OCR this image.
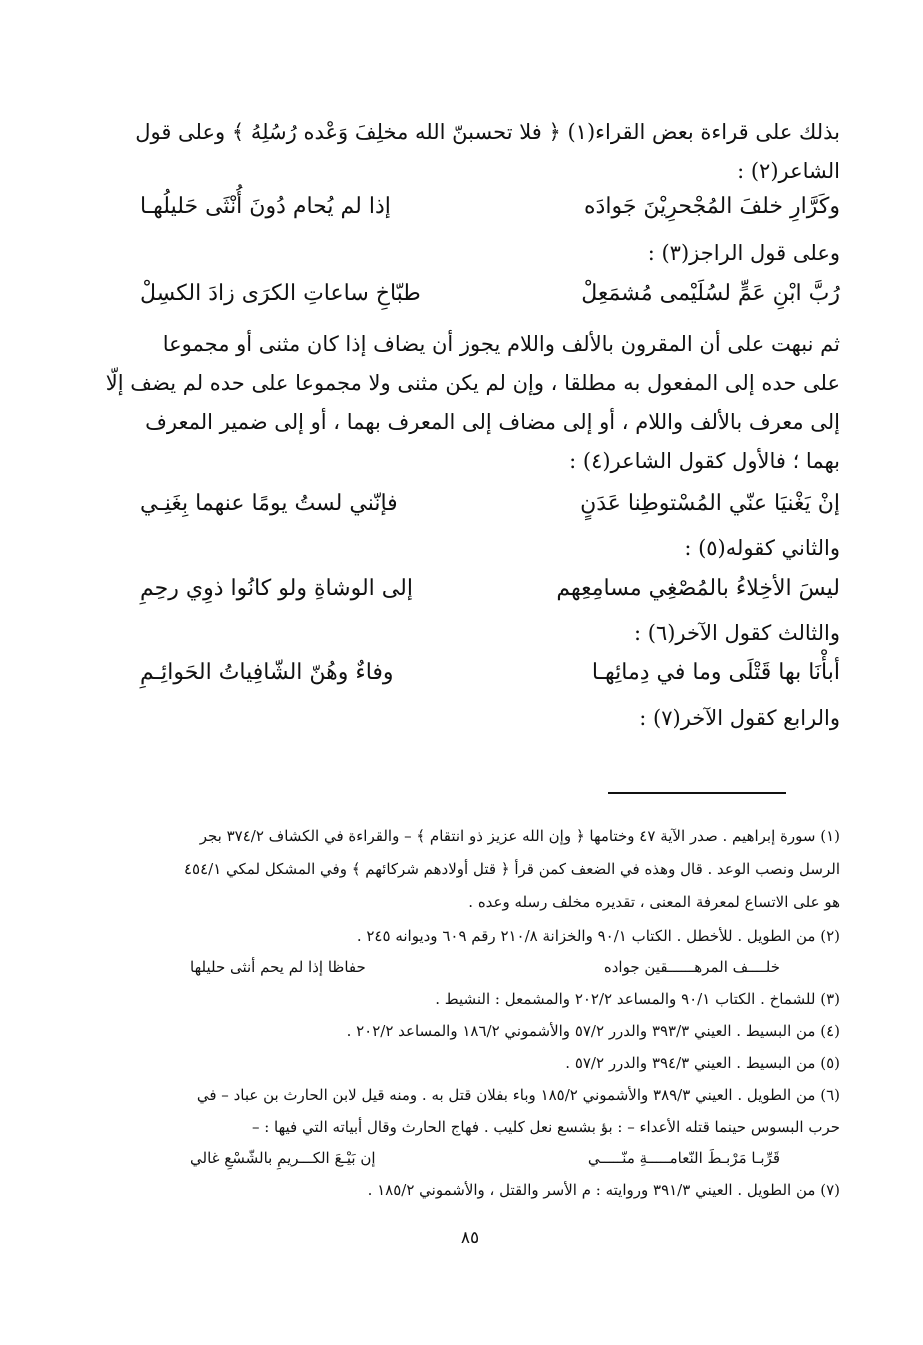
بذلك على قراءة بعض القراء(١) ﴿ فلا تحسبنّ الله مخلِفَ وَعْده رُسُلِهُ ﴾ وعلى قول
الشاعر(٢) :
وكَرَّارِ خلفَ المُجْحرِيْنَ جَوادَه
إذا لم يُحام دُونَ أُنْثَى حَليلُهـا
وعلى قول الراجز(٣) :
رُبَّ ابْنِ عَمٍّ لسُلَيْمى مُشمَعِلْ
طبّاخِ ساعاتِ الكرَى زادَ الكسِلْ
ثم نبهت على أن المقرون بالألف واللام يجوز أن يضاف إذا كان مثنى أو مجموعا
على حده إلى المفعول به مطلقا ، وإن لم يكن مثنى ولا مجموعا على حده لم يضف إلّا
إلى معرف بالألف واللام ، أو إلى مضاف إلى المعرف بهما ، أو إلى ضمير المعرف
بهما ؛ فالأول كقول الشاعر(٤) :
إنْ يَغْنيَا عنّي المُسْتوطِنا عَدَنٍ
فإنّني لستُ يومًا عنهما بِغَنِـي
والثاني كقوله(٥) :
ليسَ الأخِلاءُ بالمُصْغِي مسامِعِهم
إلى الوشاةِ ولو كانُوا ذوِي رحِمِ
والثالث كقول الآخر(٦) :
أبأْنَا بها قَتْلَى وما في دِمائِهـا
وفاءٌ وهُنّ الشّافِياتُ الحَوائِـمِ
والرابع كقول الآخر(٧) :
(١) سورة إبراهيم . صدر الآية ٤٧ وختامها ﴿ وإن الله عزيز ذو انتقام ﴾ – والقراءة في الكشاف ٣٧٤/٢ بجر
الرسل ونصب الوعد . قال وهذه في الضعف كمن قرأ ﴿ قتل أولادهم شركائهم ﴾ وفي المشكل لمكي ٤٥٤/١
هو على الاتساع لمعرفة المعنى ، تقديره مخلف رسله وعده .
(٢) من الطويل . للأخطل . الكتاب ٩٠/١ والخزانة ٢١٠/٨ رقم ٦٠٩ وديوانه ٢٤٥ .
خلــــف المرهــــــقين جواده
حفاظا إذا لم يحم أنثى حليلها
(٣) للشماخ . الكتاب ٩٠/١ والمساعد ٢٠٢/٢ والمشمعل : النشيط .
(٤) من البسيط . العيني ٣٩٣/٣ والدرر ٥٧/٢ والأشموني ١٨٦/٢ والمساعد ٢٠٢/٢ .
(٥) من البسيط . العيني ٣٩٤/٣ والدرر ٥٧/٢ .
(٦) من الطويل . العيني ٣٨٩/٣ والأشموني ١٨٥/٢ وباء بفلان قتل به . ومنه قيل لابن الحارث بن عباد – في
حرب البسوس حينما قتله الأعداء – : بؤ بشسع نعل كليب . فهاج الحارث وقال أبياته التي فيها : –
قَرِّبـا مَرْبـطَ النّعامـــــةِ منّـــــي
إن بَيْـعَ الكـــريمِ بالشّسْعِ غالي
(٧) من الطويل . العيني ٣٩١/٣ وروايته : م الأسر والقتل ، والأشموني ١٨٥/٢ .
٨٥
